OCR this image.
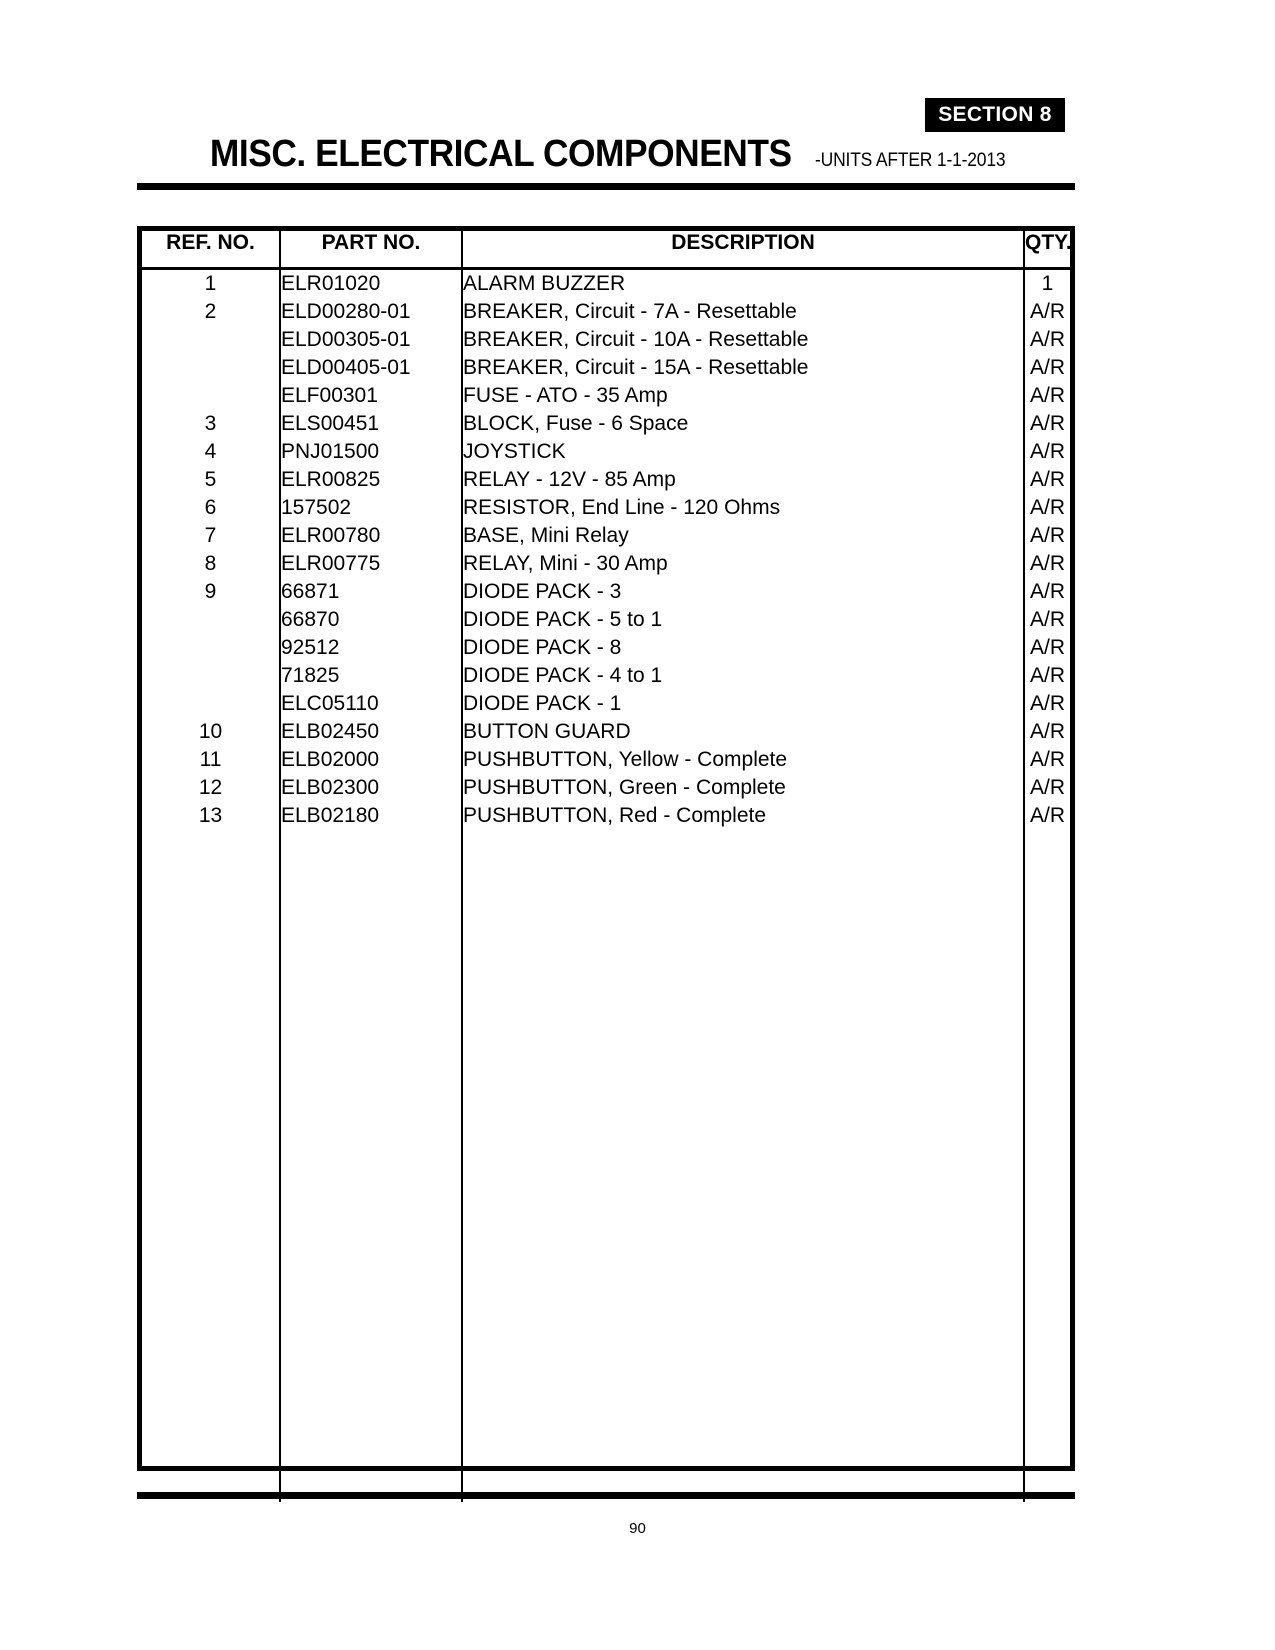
SECTION 8
MISC. ELECTRICAL COMPONENTS -UNITS AFTER 1-1-2013
REF. NO.	PART NO.	DESCRIPTION	QTY.
1	ELR01020	ALARM BUZZER	1
2	ELD00280-01	BREAKER, Circuit - 7A - Resettable	A/R
	ELD00305-01	BREAKER, Circuit - 10A - Resettable	A/R
	ELD00405-01	BREAKER, Circuit - 15A - Resettable	A/R
	ELF00301	FUSE - ATO - 35 Amp	A/R
3	ELS00451	BLOCK, Fuse - 6 Space	A/R
4	PNJ01500	JOYSTICK	A/R
5	ELR00825	RELAY - 12V - 85 Amp	A/R
6	157502	RESISTOR, End Line - 120 Ohms	A/R
7	ELR00780	BASE, Mini Relay	A/R
8	ELR00775	RELAY, Mini - 30 Amp	A/R
9	66871	DIODE PACK - 3	A/R
	66870	DIODE PACK - 5 to 1	A/R
	92512	DIODE PACK - 8	A/R
	71825	DIODE PACK - 4 to 1	A/R
	ELC05110	DIODE PACK - 1	A/R
10	ELB02450	BUTTON GUARD	A/R
11	ELB02000	PUSHBUTTON, Yellow - Complete	A/R
12	ELB02300	PUSHBUTTON, Green - Complete	A/R
13	ELB02180	PUSHBUTTON, Red - Complete	A/R

90
